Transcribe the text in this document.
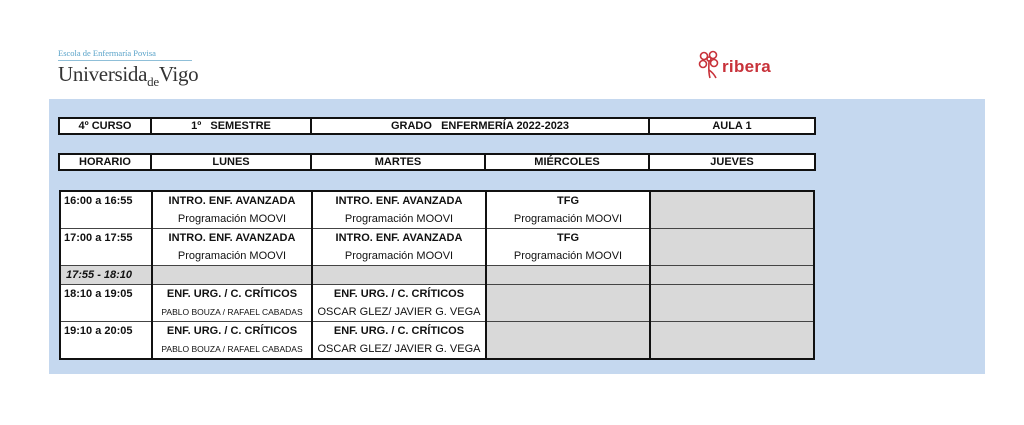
Escola de Enfermaría Povisa
Universida$_{de}$Vigo	ribera
4º CURSO	1º   SEMESTRE	GRADO   ENFERMERÍA 2022-2023	AULA 1
HORARIO	LUNES	MARTES	MIÉRCOLES	JUEVES
16:00 a 16:55	INTRO. ENF. AVANZADA	INTRO. ENF. AVANZADA	TFG	
	Programación MOOVI	Programación MOOVI	Programación MOOVI	
17:00 a 17:55	INTRO. ENF. AVANZADA	INTRO. ENF. AVANZADA	TFG	
	Programación MOOVI	Programación MOOVI	Programación MOOVI	
17:55 - 18:10				
18:10 a 19:05	ENF. URG. / C. CRÍTICOS	ENF. URG. / C. CRÍTICOS		
	PABLO BOUZA / RAFAEL CABADAS	OSCAR GLEZ/ JAVIER G. VEGA		
19:10 a 20:05	ENF. URG. / C. CRÍTICOS	ENF. URG. / C. CRÍTICOS		
	PABLO BOUZA / RAFAEL CABADAS	OSCAR GLEZ/ JAVIER G. VEGA		
